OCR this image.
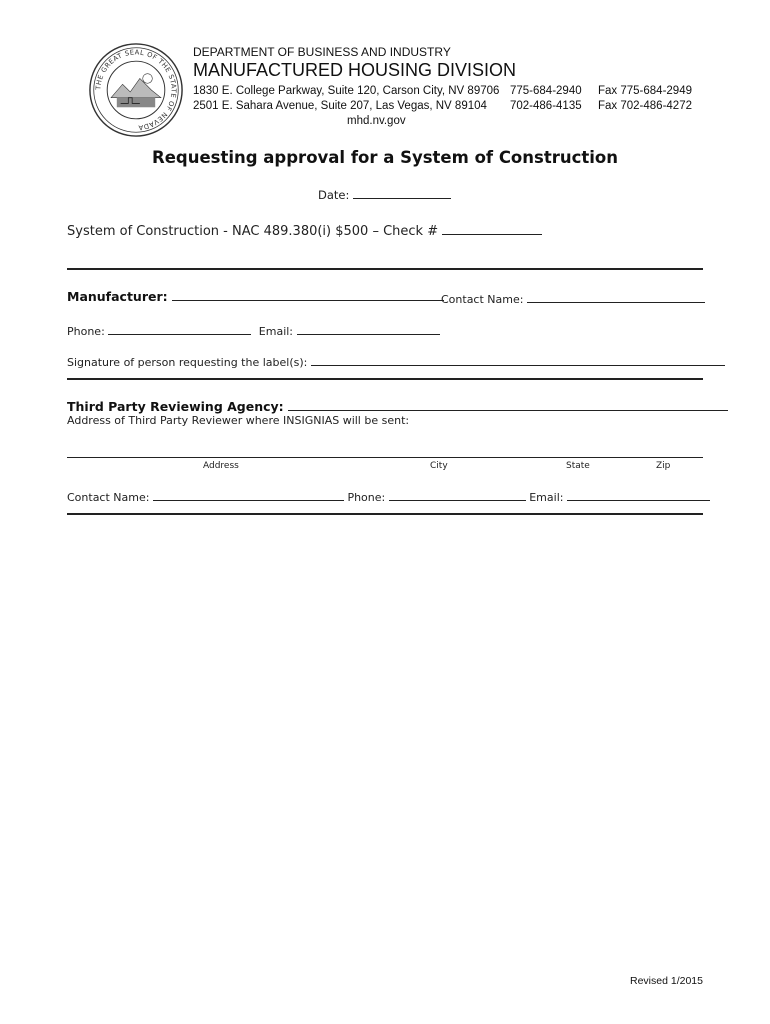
THE GREAT SEAL OF THE STATE OF NEVADA
DEPARTMENT OF BUSINESS AND INDUSTRY
MANUFACTURED HOUSING DIVISION
1830 E. College Parkway, Suite 120, Carson City, NV 89706 775-684-2940 Fax 775-684-2949
2501 E. Sahara Avenue, Suite 207, Las Vegas, NV 89104 702-486-4135 Fax 702-486-4272
mhd.nv.gov
Requesting approval for a System of Construction
Date:
System of Construction - NAC 489.380(i) $500 – Check #
Manufacturer:	Contact Name:
Phone:	Email:
Signature of person requesting the label(s):
Third Party Reviewing Agency:
Address of Third Party Reviewer where INSIGNIAS will be sent:
Address	City	State	Zip
Contact Name:	Phone:	Email:
Revised 1/2015
